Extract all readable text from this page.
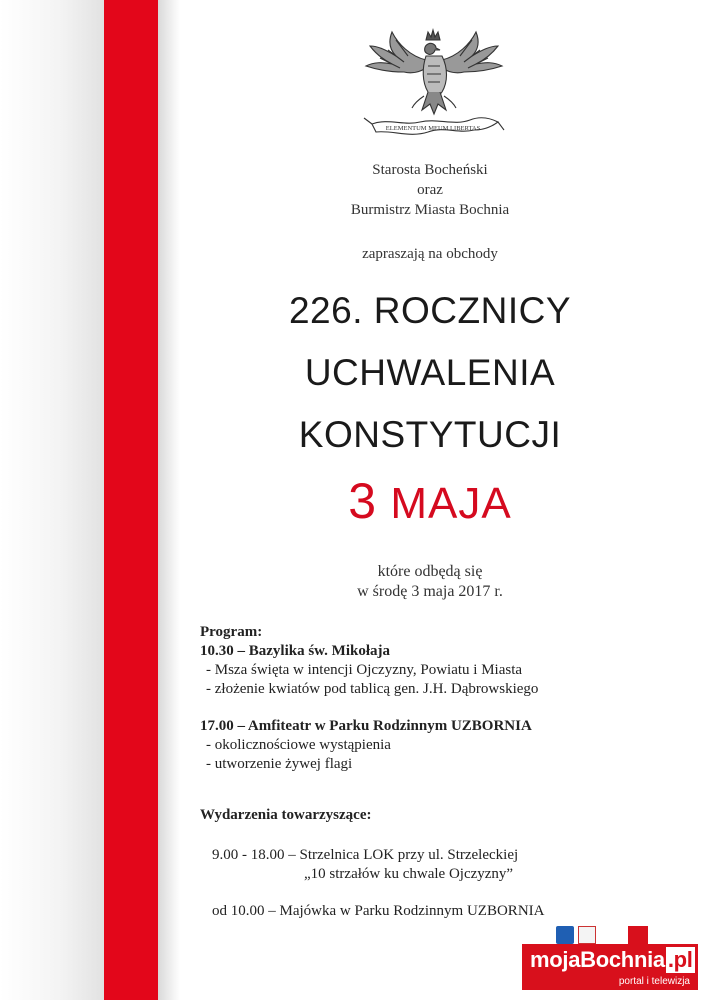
ELEMENTUM MEUM LIBERTAS
Starosta Bocheński
oraz
Burmistrz Miasta Bochnia
zapraszają na obchody
226. ROCZNICY
UCHWALENIA
KONSTYTUCJI
3 MAJA
które odbędą się
w środę 3 maja 2017 r.
Program:
10.30 – Bazylika św. Mikołaja
- Msza święta w intencji Ojczyzny, Powiatu i Miasta
- złożenie kwiatów pod tablicą gen. J.H. Dąbrowskiego
17.00 – Amfiteatr w Parku Rodzinnym UZBORNIA
- okolicznościowe wystąpienia
- utworzenie żywej flagi
Wydarzenia towarzyszące:
9.00 - 18.00 – Strzelnica LOK przy ul. Strzeleckiej
„10 strzałów ku chwale Ojczyzny”
od 10.00 – Majówka w Parku Rodzinnym UZBORNIA
mojaBochnia .pl
portal i telewizja
